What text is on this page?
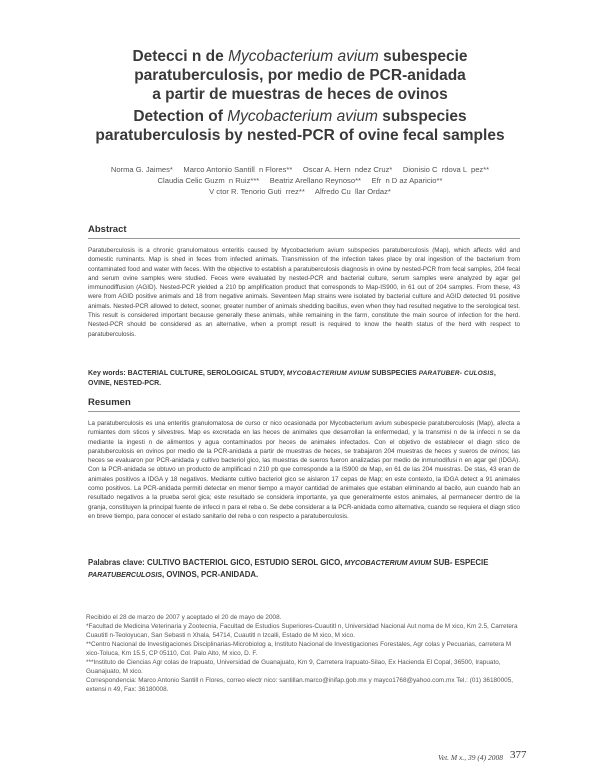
Detecci n de Mycobacterium avium subespecie
paratuberculosis, por medio de PCR-anidada
a partir de muestras de heces de ovinos
Detection of Mycobacterium avium subspecies
paratuberculosis by nested-PCR of ovine fecal samples
Norma G. Jaimes*     Marco Antonio Santill  n Flores**     Oscar A. Hern  ndez Cruz*     Dionisio C  rdova L  pez**
Claudia Celic Guzm  n Ruiz***     Beatriz Arellano Reynoso**     Efr  n D az Aparicio**
V ctor R. Tenorio Guti  rrez**     Alfredo Cu  llar Ordaz*
Abstract
Paratuberculosis is a chronic granulomatous enteritis caused by Mycobacterium avium subspecies paratuberculosis (Map), which affects wild and domestic ruminants. Map is shed in feces from infected animals. Transmission of the infection takes place by oral ingestion of the bacterium from contaminated food and water with feces. With the objective to establish a paratuberculosis diagnosis in ovine by nested-PCR from fecal samples, 204 fecal and serum ovine samples were studied. Feces were evaluated by nested-PCR and bacterial culture, serum samples were analyzed by agar gel immunodiffusion (AGID). Nested-PCR yielded a 210 bp amplification product that corresponds to Map-IS900, in 61 out of 204 samples. From these, 43 were from AGID positive animals and 18 from negative animals. Seventeen Map strains were isolated by bacterial culture and AGID detected 91 positive animals. Nested-PCR allowed to detect, sooner, greater number of animals shedding bacillus, even when they had resulted negative to the serological test. This result is considered important because generally these animals, while remaining in the farm, constitute the main source of infection for the herd. Nested-PCR should be considered as an alternative, when a prompt result is required to know the health status of the herd with respect to paratuberculosis.
Key words: BACTERIAL CULTURE, SEROLOGICAL STUDY, MYCOBACTERIUM AVIUM SUBSPECIES PARATUBER- CULOSIS, OVINE, NESTED-PCR.
Resumen
La paratuberculosis es una enteritis granulomatosa de curso cr nico ocasionada por Mycobacterium avium subespecie paratuberculosis (Map), afecta a rumiantes dom sticos y silvestres. Map es excretada en las heces de animales que desarrollan la enfermedad, y la transmisi n de la infecci n se da mediante la ingesti n de alimentos y agua contaminados por heces de animales infectados. Con el objetivo de establecer el diagn stico de paratuberculosis en ovinos por medio de la PCR-anidada a partir de muestras de heces, se trabajaron 204 muestras de heces y sueros de ovinos; las heces se evaluaron por PCR-anidada y cultivo bacteriol gico, las muestras de sueros fueron analizadas por medio de inmunodifusi n en agar gel (IDGA). Con la PCR-anidada se obtuvo un producto de amplificaci n 210 pb que corresponde a la IS900 de Map, en 61 de las 204 muestras. De stas, 43 eran de animales positivos a IDGA y 18 negativos. Mediante cultivo bacteriol gico se aislaron 17 cepas de Map; en este contexto, la IDGA detect a 91 animales como positivos. La PCR-anidada permiti detectar en menor tiempo a mayor cantidad de animales que estaban eliminando al bacilo, aun cuando hab an resultado negativos a la prueba serol gica; este resultado se considera importante, ya que generalmente estos animales, al permanecer dentro de la granja, constituyen la principal fuente de infecci n para el reba o. Se debe considerar a la PCR-anidada como alternativa, cuando se requiera el diagn stico en breve tiempo, para conocer el estado sanitario del reba o con respecto a paratuberculosis.
Palabras clave: CULTIVO BACTERIOL GICO, ESTUDIO SEROL GICO, MYCOBACTERIUM AVIUM SUB- ESPECIE PARATUBERCULOSIS, OVINOS, PCR-ANIDADA.

Recibido el 28 de marzo de 2007 y aceptado el 20 de mayo de 2008.

*Facultad de Medicina Veterinaria y Zootecnia, Facultad de Estudios Superiores-Cuautitl n, Universidad Nacional Aut noma de M xico, Km 2.5, Carretera Cuautitl n-Teoloyucan, San Sebasti n Xhala, 54714, Cuautitl n Izcalli, Estado de M xico, M xico.

**Centro Nacional de Investigaciones Disciplinarias-Microbiolog a, Instituto Nacional de Investigaciones Forestales, Agr colas y Pecuarias, carretera M xico-Toluca, Km 15.5, CP 05110, Col. Palo Alto, M xico, D. F.

***Instituto de Ciencias Agr colas de Irapuato, Universidad de Guanajuato, Km 9, Carretera Irapuato-Silao, Ex Hacienda El Copal, 36500, Irapuato, Guanajuato, M xico.

Correspondencia: Marco Antonio Santill n Flores, correo electr nico: santillan.marco@inifap.gob.mx y mayco1768@yahoo.com.mx Tel.: (01) 36180005, extensi n 49, Fax: 36180008.

Vet. M x., 39 (4) 2008 377
